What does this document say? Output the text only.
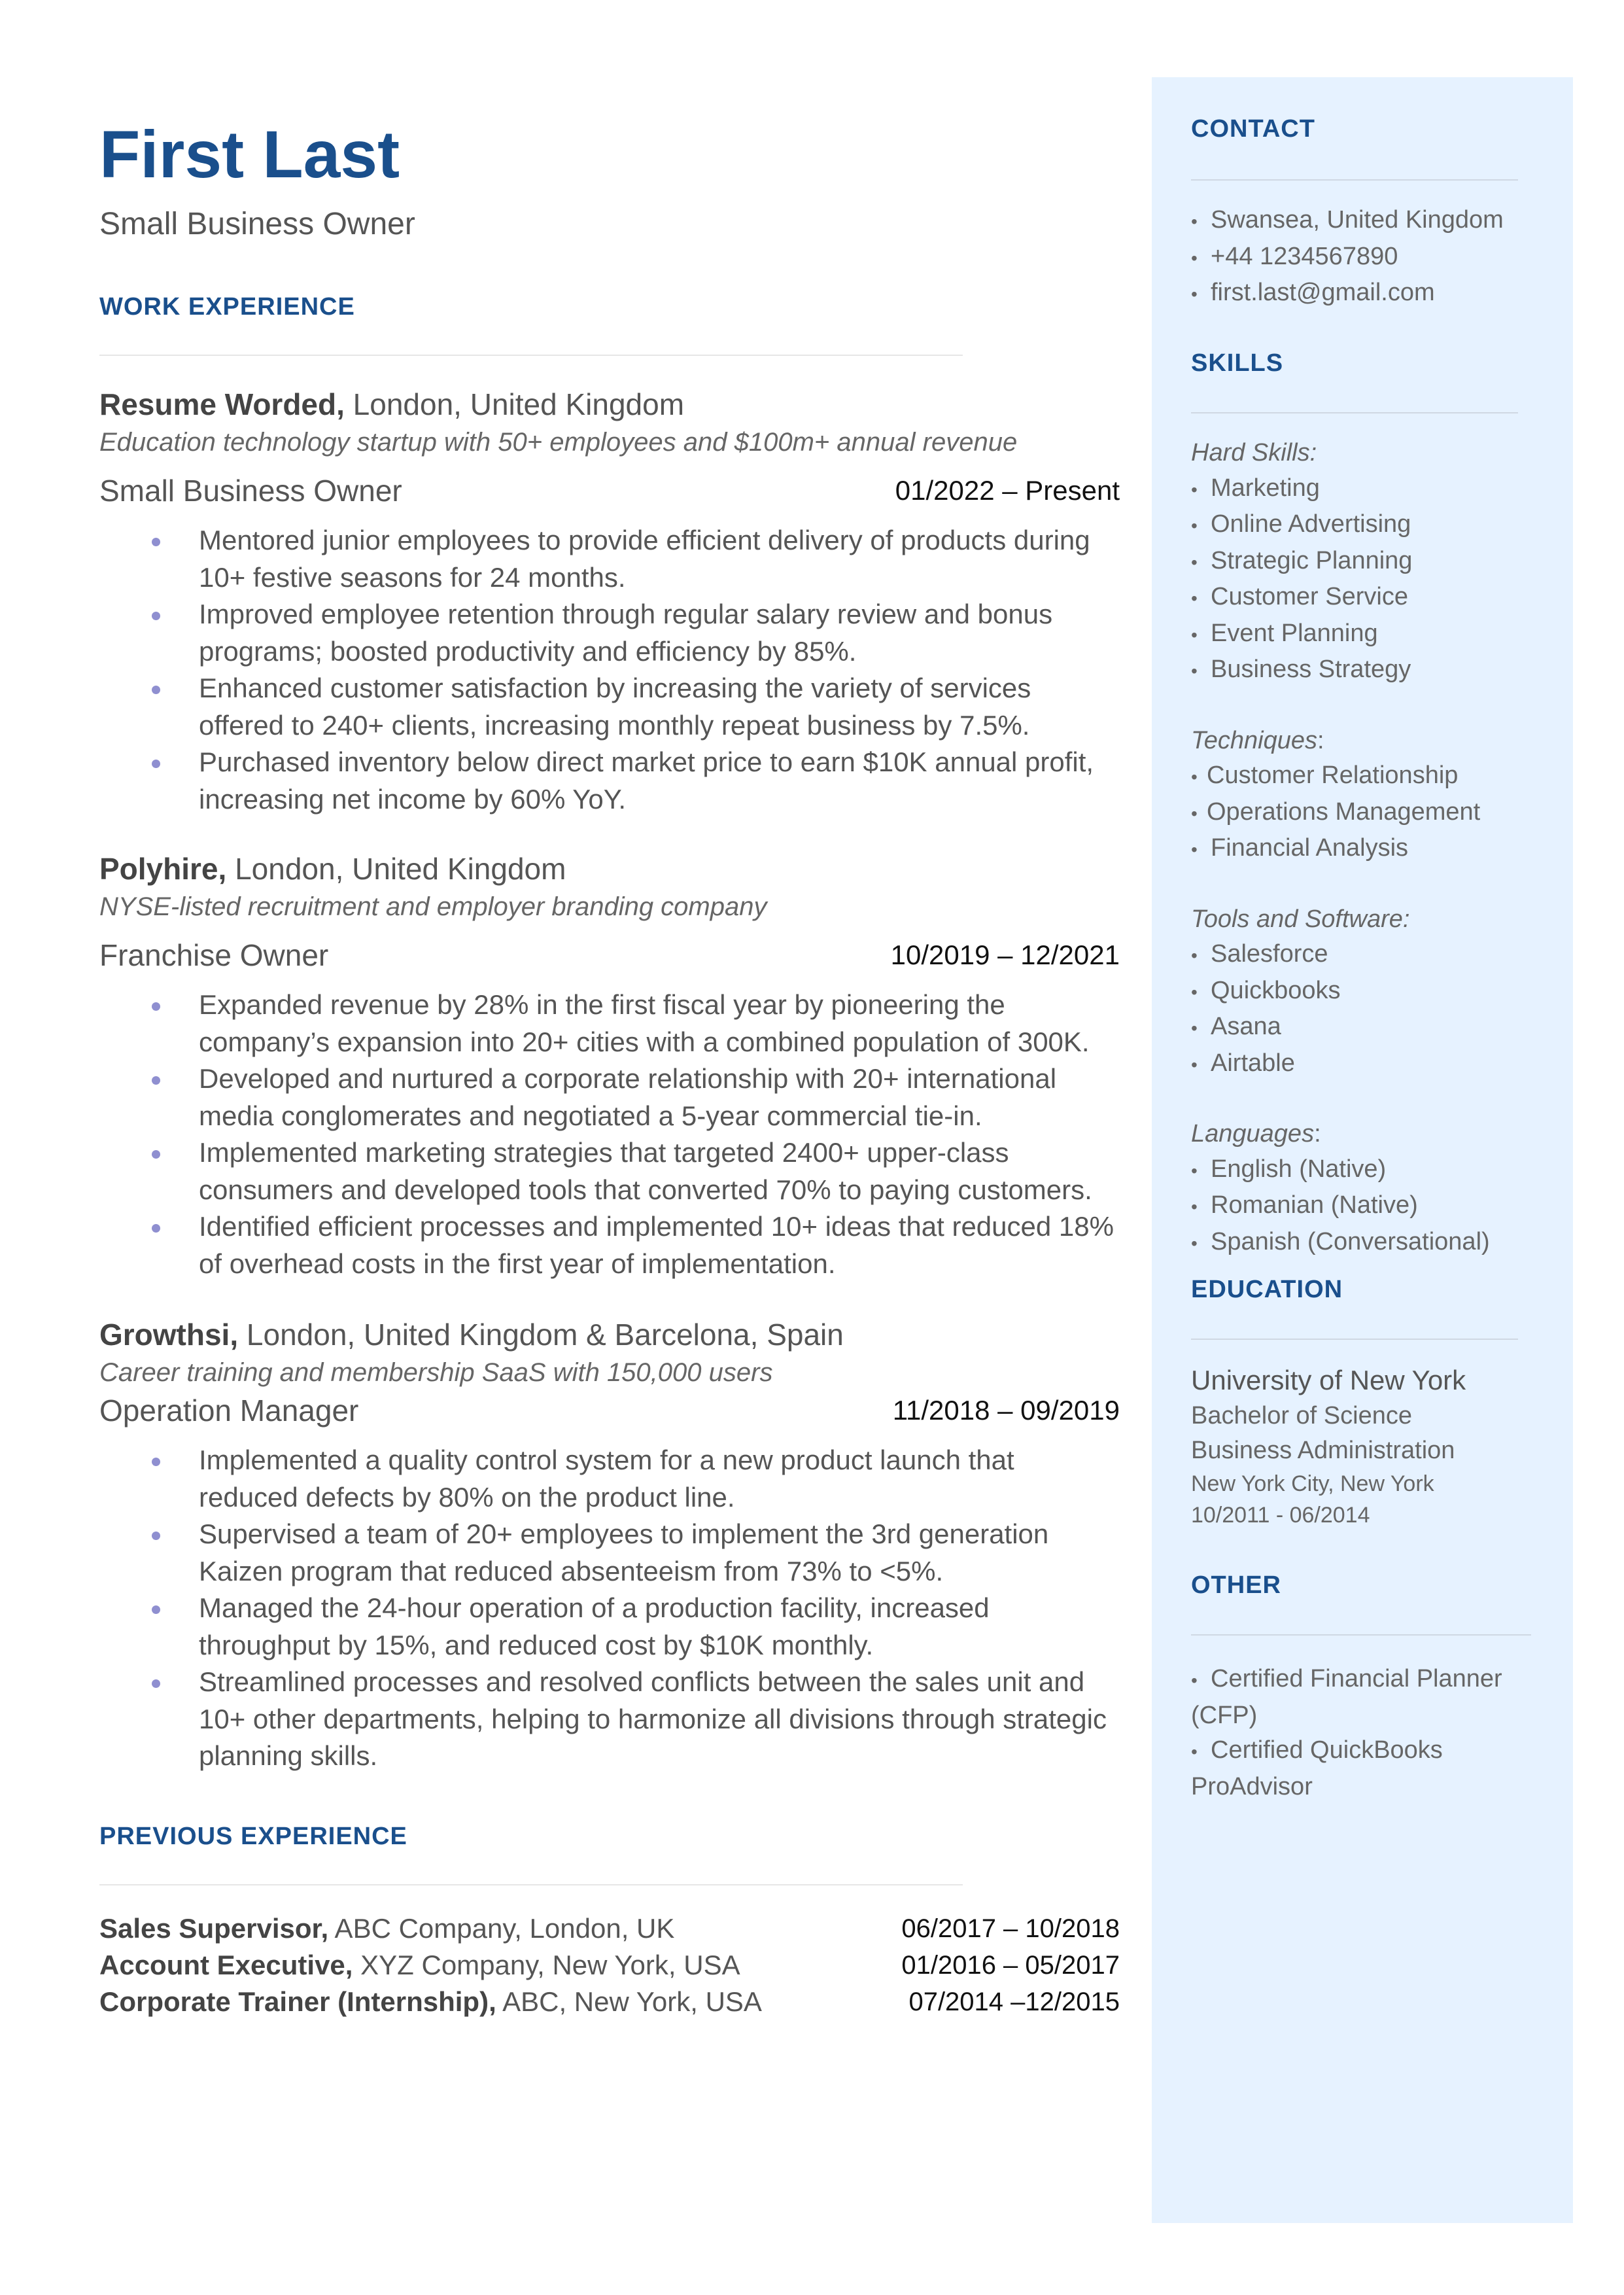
First Last
Small Business Owner
WORK EXPERIENCE
Resume Worded, London, United Kingdom
Education technology startup with 50+ employees and $100m+ annual revenue
Small Business Owner	01/2022 – Present
Mentored junior employees to provide efficient delivery of products during 10+ festive seasons for 24 months.
Improved employee retention through regular salary review and bonus programs; boosted productivity and efficiency by 85%.
Enhanced customer satisfaction by increasing the variety of services offered to 240+ clients, increasing monthly repeat business by 7.5%.
Purchased inventory below direct market price to earn $10K annual profit, increasing net income by 60% YoY.
Polyhire, London, United Kingdom
NYSE-listed recruitment and employer branding company
Franchise Owner	10/2019 – 12/2021
Expanded revenue by 28% in the first fiscal year by pioneering the company’s expansion into 20+ cities with a combined population of 300K.
Developed and nurtured a corporate relationship with 20+ international media conglomerates and negotiated a 5-year commercial tie-in.
Implemented marketing strategies that targeted 2400+ upper-class consumers and developed tools that converted 70% to paying customers.
Identified efficient processes and implemented 10+ ideas that reduced 18% of overhead costs in the first year of implementation.
Growthsi, London, United Kingdom & Barcelona, Spain
Career training and membership SaaS with 150,000 users
Operation Manager	11/2018 – 09/2019
Implemented a quality control system for a new product launch that reduced defects by 80% on the product line.
Supervised a team of 20+ employees to implement the 3rd generation Kaizen program that reduced absenteeism from 73% to <5%.
Managed the 24-hour operation of a production facility, increased throughput by 15%, and reduced cost by $10K monthly.
Streamlined processes and resolved conflicts between the sales unit and 10+ other departments, helping to harmonize all divisions through strategic planning skills.
PREVIOUS EXPERIENCE
Sales Supervisor, ABC Company, London, UK	06/2017 – 10/2018
Account Executive, XYZ Company, New York, USA	01/2016 – 05/2017
Corporate Trainer (Internship), ABC, New York, USA	07/2014 –12/2015
CONTACT
• Swansea, United Kingdom
• +44 1234567890
• first.last@gmail.com
SKILLS
Hard Skills:
• Marketing
• Online Advertising
• Strategic Planning
• Customer Service
• Event Planning
• Business Strategy
Techniques:
• Customer Relationship
• Operations Management
• Financial Analysis
Tools and Software:
• Salesforce
• Quickbooks
• Asana
• Airtable
Languages:
• English (Native)
• Romanian (Native)
• Spanish (Conversational)
EDUCATION
University of New York
Bachelor of Science
Business Administration
New York City, New York
10/2011 - 06/2014
OTHER
• Certified Financial Planner (CFP)
• Certified QuickBooks ProAdvisor
